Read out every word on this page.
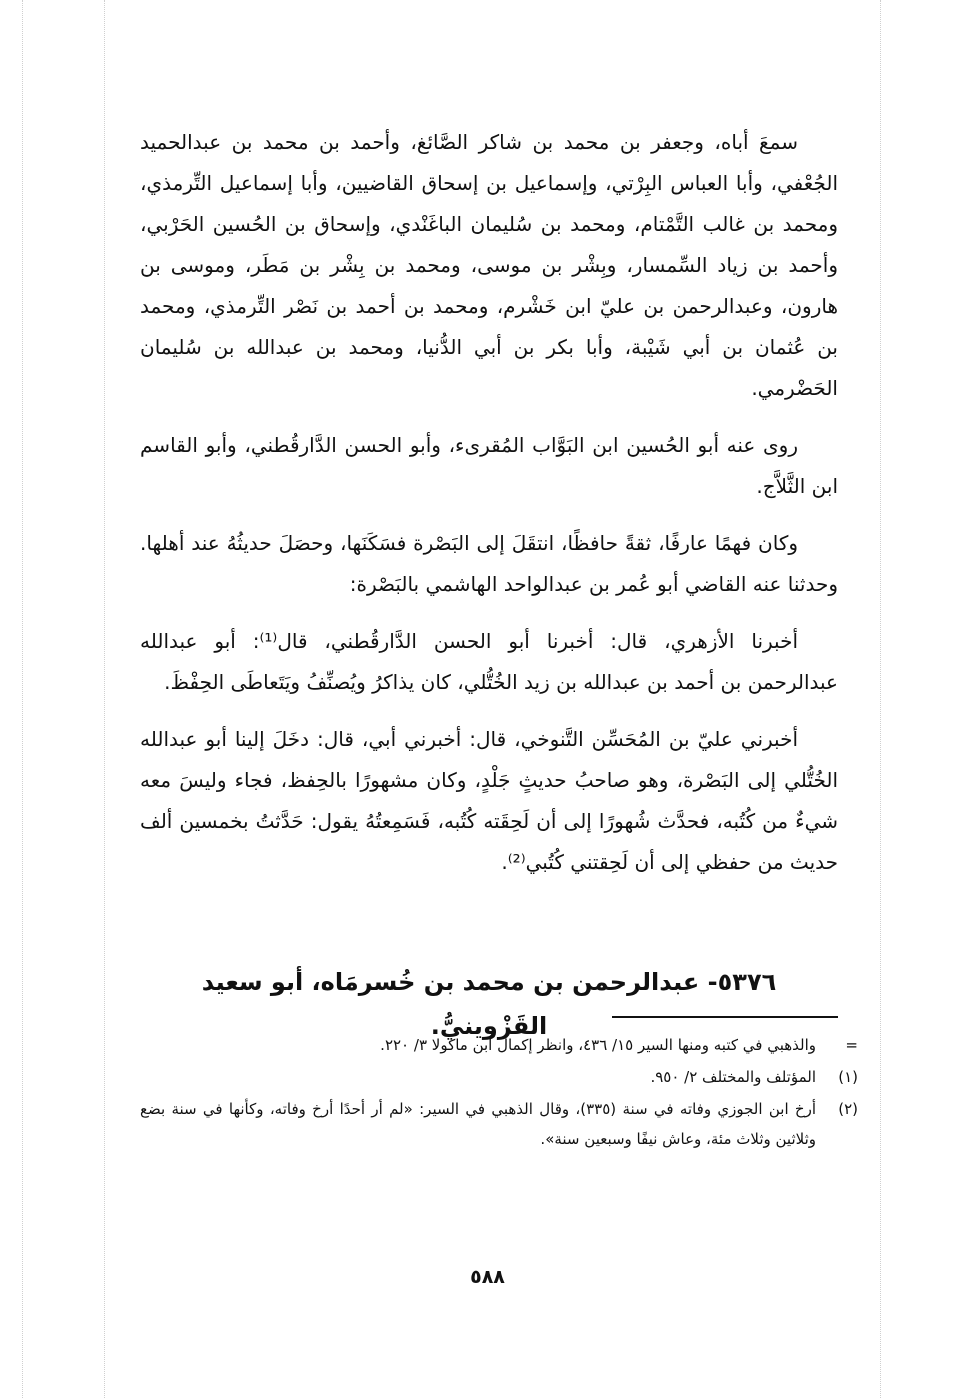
سمعَ أباه، وجعفر بن محمد بن شاكر الصَّائغ، وأحمد بن محمد بن عبدالحميد الجُعْفي، وأبا العباس البِرْتي، وإسماعيل بن إسحاق القاضيين، وأبا إسماعيل التِّرمذي، ومحمد بن غالب التَّمْتام، ومحمد بن سُليمان الباغَنْدي، وإسحاق بن الحُسين الحَرْبي، وأحمد بن زياد السِّمسار، وبِشْر بن موسى، ومحمد بن بِشْر بن مَطَر، وموسى بن هارون، وعبدالرحمن بن عليّ ابن خَشْرم، ومحمد بن أحمد بن نَصْر التِّرمذي، ومحمد بن عُثمان بن أبي شَيْبة، وأبا بكر بن أبي الدُّنيا، ومحمد بن عبدالله بن سُليمان الحَضْرمي.

روى عنه أبو الحُسين ابن البَوَّاب المُقرىء، وأبو الحسن الدَّارقُطني، وأبو القاسم ابن الثَّلاَّج.

وكان فهمًا عارفًا، ثقةً حافظًا، انتقَلَ إلى البَصْرة فسَكَنَها، وحصَلَ حديثُهُ عند أهلها. وحدثنا عنه القاضي أبو عُمر بن عبدالواحد الهاشمي بالبَصْرة:

أخبرنا الأزهري، قال: أخبرنا أبو الحسن الدَّارقُطني، قال⁽¹⁾: أبو عبدالله عبدالرحمن بن أحمد بن عبدالله بن زيد الخُتُّلي، كان يذاكرُ ويُصنِّفُ ويَتَعاطَى الحِفْظَ.

أخبرني عليّ بن المُحَسِّن التَّنوخي، قال: أخبرني أبي، قال: دخَلَ إلينا أبو عبدالله الخُتُّلي إلى البَصْرة، وهو صاحبُ حديثٍ جَلْدٍ، وكان مشهورًا بالحِفظ، فجاء وليسَ معه شيءٌ من كُتُبه، فحدَّث شُهورًا إلى أن لَحِقَته كُتُبه، فَسَمِعتُهُ يقول: حَدَّثتُ بخمسين ألف حديث من حفظي إلى أن لَحِقتني كُتُبي⁽²⁾.

٥٣٧٦- عبدالرحمن بن محمد بن خُسرمَاه، أبو سعيد القَزْوينيُّ.
=
والذهبي في كتبه ومنها السير ١٥/ ٤٣٦، وانظر إكمال ابن ماكولا ٣/ ٢٢٠.
(١)
المؤتلف والمختلف ٢/ ٩٥٠.
(٢)
أرخ ابن الجوزي وفاته في سنة (٣٣٥)، وقال الذهبي في السير: «لم أر أحدًا أرخ وفاته، وكأنها في سنة بضع وثلاثين وثلاث مئة، وعاش نيفًا وسبعين سنة».
٥٨٨
